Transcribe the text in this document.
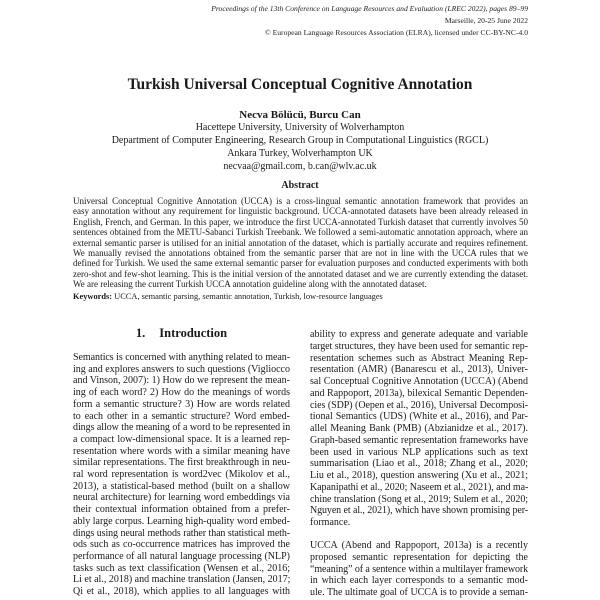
Proceedings of the 13th Conference on Language Resources and Evaluation (LREC 2022), pages 89–99
Marseille, 20-25 June 2022
© European Language Resources Association (ELRA), licensed under CC-BY-NC-4.0
Turkish Universal Conceptual Cognitive Annotation
Necva Bölücü, Burcu Can
Hacettepe University, University of Wolverhampton
Department of Computer Engineering, Research Group in Computational Linguistics (RGCL)
Ankara Turkey, Wolverhampton UK
necvaa@gmail.com, b.can@wlv.ac.uk
Abstract
Universal Conceptual Cognitive Annotation (UCCA) is a cross-lingual semantic annotation framework that provides an
easy annotation without any requirement for linguistic background. UCCA-annotated datasets have been already released in
English, French, and German. In this paper, we introduce the first UCCA-annotated Turkish dataset that currently involves 50
sentences obtained from the METU-Sabanci Turkish Treebank. We followed a semi-automatic annotation approach, where an
external semantic parser is utilised for an initial annotation of the dataset, which is partially accurate and requires refinement.
We manually revised the annotations obtained from the semantic parser that are not in line with the UCCA rules that we
defined for Turkish. We used the same external semantic parser for evaluation purposes and conducted experiments with both
zero-shot and few-shot learning. This is the initial version of the annotated dataset and we are currently extending the dataset.
We are releasing the current Turkish UCCA annotation guideline along with the annotated dataset.
Keywords: UCCA, semantic parsing, semantic annotation, Turkish, low-resource languages
1. Introduction
Semantics is concerned with anything related to mean-
ing and explores answers to such questions (Vigliocco
and Vinson, 2007): 1) How do we represent the mean-
ing of each word? 2) How do the meanings of words
form a semantic structure? 3) How are words related
to each other in a semantic structure? Word embed-
dings allow the meaning of a word to be represented in
a compact low-dimensional space. It is a learned rep-
resentation where words with a similar meaning have
similar representations. The first breakthrough in neu-
ral word representation is word2vec (Mikolov et al.,
2013), a statistical-based method (built on a shallow
neural architecture) for learning word embeddings via
their contextual information obtained from a prefer-
ably large corpus. Learning high-quality word embed-
dings using neural methods rather than statistical meth-
ods such as co-occurrence matrices has improved the
performance of all natural language processing (NLP)
tasks such as text classification (Wensen et al., 2016;
Li et al., 2018) and machine translation (Jansen, 2017;
Qi et al., 2018), which applies to all languages with
ability to express and generate adequate and variable
target structures, they have been used for semantic rep-
resentation schemes such as Abstract Meaning Rep-
resentation (AMR) (Banarescu et al., 2013), Univer-
sal Conceptual Cognitive Annotation (UCCA) (Abend
and Rappoport, 2013a), bilexical Semantic Dependen-
cies (SDP) (Oepen et al., 2016), Universal Decomposi-
tional Semantics (UDS) (White et al., 2016), and Par-
allel Meaning Bank (PMB) (Abzianidze et al., 2017).
Graph-based semantic representation frameworks have
been used in various NLP applications such as text
summarisation (Liao et al., 2018; Zhang et al., 2020;
Liu et al., 2018), question answering (Xu et al., 2021;
Kapanipathi et al., 2020; Naseem et al., 2021), and ma-
chine translation (Song et al., 2019; Sulem et al., 2020;
Nguyen et al., 2021), which have shown promising per-
formance.
UCCA (Abend and Rappoport, 2013a) is a recently
proposed semantic representation for depicting the
“meaning” of a sentence within a multilayer framework
in which each layer corresponds to a semantic mod-
ule. The ultimate goal of UCCA is to provide a seman-
